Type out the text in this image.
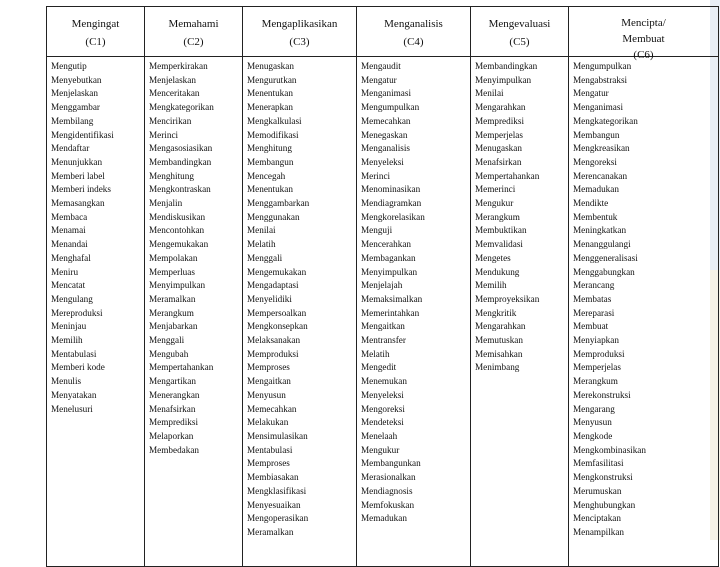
Mengingat
(C1)
Memahami
(C2)
Mengaplikasikan
(C3)
Menganalisis
(C4)
Mengevaluasi
(C5)
Mencipta/
Membuat
(C6)
Mengutip
Menyebutkan
Menjelaskan
Menggambar
Membilang
Mengidentifikasi
Mendaftar
Menunjukkan
Memberi label
Memberi indeks
Memasangkan
Membaca
Menamai
Menandai
Menghafal
Meniru
Mencatat
Mengulang
Mereproduksi
Meninjau
Memilih
Mentabulasi
Memberi kode
Menulis
Menyatakan
Menelusuri
Memperkirakan
Menjelaskan
Menceritakan
Mengkategorikan
Mencirikan
Merinci
Mengasosiasikan
Membandingkan
Menghitung
Mengkontraskan
Menjalin
Mendiskusikan
Mencontohkan
Mengemukakan
Mempolakan
Memperluas
Menyimpulkan
Meramalkan
Merangkum
Menjabarkan
Menggali
Mengubah
Mempertahankan
Mengartikan
Menerangkan
Menafsirkan
Memprediksi
Melaporkan
Membedakan
Menugaskan
Mengurutkan
Menentukan
Menerapkan
Mengkalkulasi
Memodifikasi
Menghitung
Membangun
Mencegah
Menentukan
Menggambarkan
Menggunakan
Menilai
Melatih
Menggali
Mengemukakan
Mengadaptasi
Menyelidiki
Mempersoalkan
Mengkonsepkan
Melaksanakan
Memproduksi
Memproses
Mengaitkan
Menyusun
Memecahkan
Melakukan
Mensimulasikan
Mentabulasi
Memproses
Membiasakan
Mengklasifikasi
Menyesuaikan
Mengoperasikan
Meramalkan
Mengaudit
Mengatur
Menganimasi
Mengumpulkan
Memecahkan
Menegaskan
Menganalisis
Menyeleksi
Merinci
Menominasikan
Mendiagramkan
Mengkorelasikan
Menguji
Mencerahkan
Membagankan
Menyimpulkan
Menjelajah
Memaksimalkan
Memerintahkan
Mengaitkan
Mentransfer
Melatih
Mengedit
Menemukan
Menyeleksi
Mengoreksi
Mendeteksi
Menelaah
Mengukur
Membangunkan
Merasionalkan
Mendiagnosis
Memfokuskan
Memadukan
Membandingkan
Menyimpulkan
Menilai
Mengarahkan
Memprediksi
Memperjelas
Menugaskan
Menafsirkan
Mempertahankan
Memerinci
Mengukur
Merangkum
Membuktikan
Memvalidasi
Mengetes
Mendukung
Memilih
Memproyeksikan
Mengkritik
Mengarahkan
Memutuskan
Memisahkan
Menimbang
Mengumpulkan
Mengabstraksi
Mengatur
Menganimasi
Mengkategorikan
Membangun
Mengkreasikan
Mengoreksi
Merencanakan
Memadukan
Mendikte
Membentuk
Meningkatkan
Menanggulangi
Menggeneralisasi
Menggabungkan
Merancang
Membatas
Mereparasi
Membuat
Menyiapkan
Memproduksi
Memperjelas
Merangkum
Merekonstruksi
Mengarang
Menyusun
Mengkode
Mengkombinasikan
Memfasilitasi
Mengkonstruksi
Merumuskan
Menghubungkan
Menciptakan
Menampilkan
